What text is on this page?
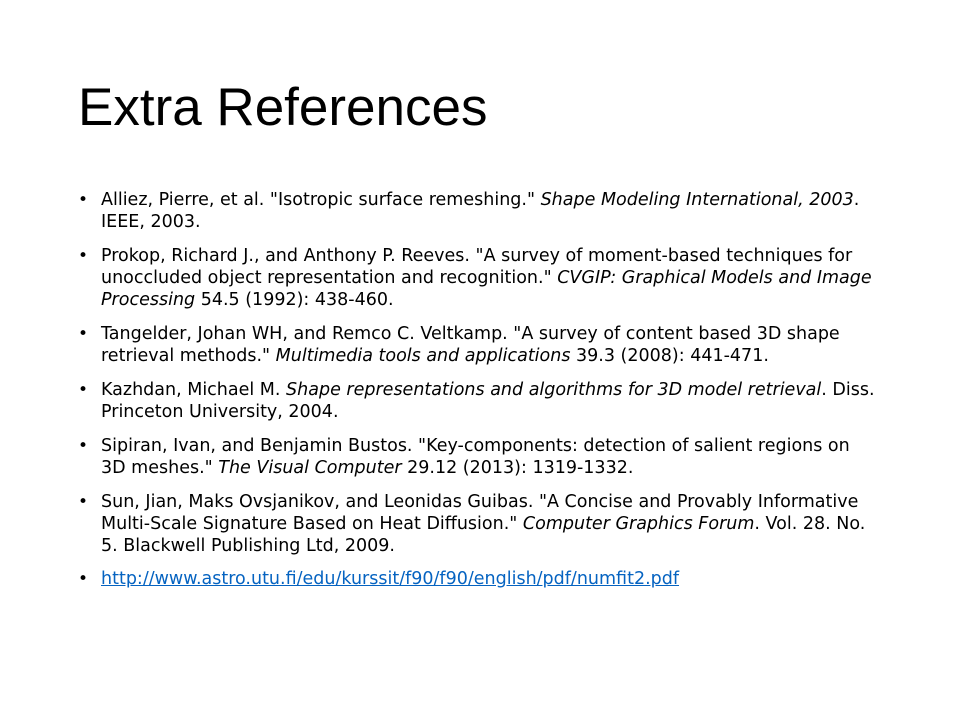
Extra References
• Alliez, Pierre, et al. "Isotropic surface remeshing." Shape Modeling International, 2003. IEEE, 2003.
• Prokop, Richard J., and Anthony P. Reeves. "A survey of moment-based techniques for unoccluded object representation and recognition." CVGIP: Graphical Models and Image Processing 54.5 (1992): 438-460.
• Tangelder, Johan WH, and Remco C. Veltkamp. "A survey of content based 3D shape retrieval methods." Multimedia tools and applications 39.3 (2008): 441-471.
• Kazhdan, Michael M. Shape representations and algorithms for 3D model retrieval. Diss. Princeton University, 2004.
• Sipiran, Ivan, and Benjamin Bustos. "Key-components: detection of salient regions on 3D meshes." The Visual Computer 29.12 (2013): 1319-1332.
• Sun, Jian, Maks Ovsjanikov, and Leonidas Guibas. "A Concise and Provably Informative Multi-Scale Signature Based on Heat Diffusion." Computer Graphics Forum. Vol. 28. No. 5. Blackwell Publishing Ltd, 2009.
• http://www.astro.utu.fi/edu/kurssit/f90/f90/english/pdf/numfit2.pdf
